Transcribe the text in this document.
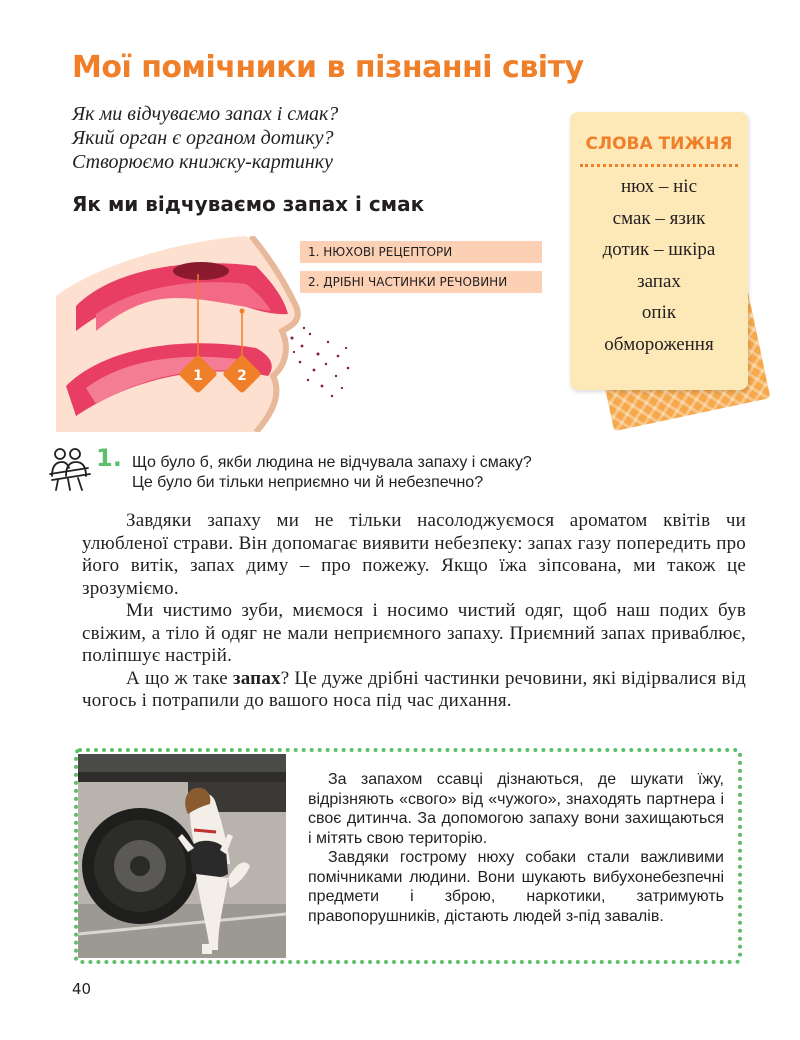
Мої помічники в пізнанні світу
Як ми відчуваємо запах і смак?
Який орган є органом дотику?
Створюємо книжку-картинку
Як ми відчуваємо запах і смак
СЛОВА ТИЖНЯ
нюх – ніс
смак – язик
дотик – шкіра
запах
опік
обмороження
1 2
1. НЮХОВІ РЕЦЕПТОРИ
2. ДРІБНІ ЧАСТИНКИ РЕЧОВИНИ
1. Що було б, якби людина не відчувала запаху і смаку?
Це було би тільки неприємно чи й небезпечно?

Завдяки запаху ми не тільки насолоджуємося ароматом квітів чи улюбленої страви. Він допомагає виявити небезпеку: запах газу попередить про його витік, запах диму – про пожежу. Якщо їжа зіпсована, ми також це зрозуміємо.

Ми чистимо зуби, миємося і носимо чистий одяг, щоб наш подих був свіжим, а тіло й одяг не мали неприємного запаху. Приємний запах приваблює, поліпшує настрій.

А що ж таке запах? Це дуже дрібні частинки речовини, які відірвалися від чогось і потрапили до вашого носа під час дихання.

За запахом ссавці дізнаються, де шукати їжу, відрізняють «свого» від «чужого», знаходять партнера і своє дитинча. За допомогою запаху вони захищаються і мітять свою територію.

Завдяки гострому нюху собаки стали важливими помічниками людини. Вони шукають вибухонебезпечні предмети і зброю, наркотики, затримують правопорушників, дістають людей з-під завалів.

40
